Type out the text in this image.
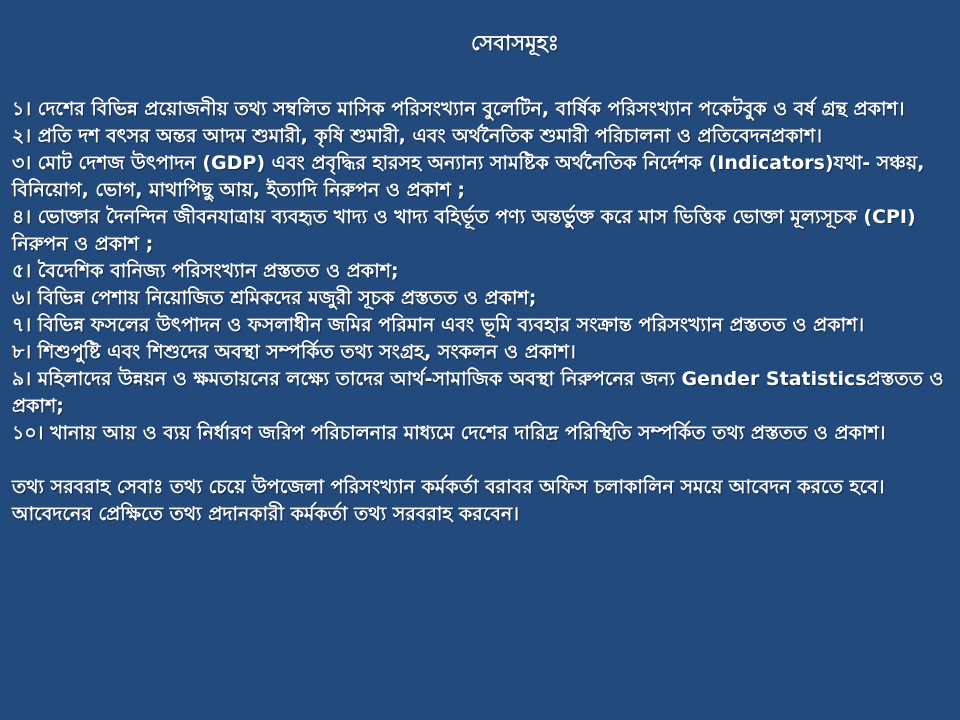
সেবাসমূহঃ

১। দেশের বিভিন্ন প্রয়োজনীয় তথ্য সম্বলিত মাসিক পরিসংখ্যান বুলেটিন, বার্ষিক পরিসংখ্যান পকেটবুক ও বর্ষ গ্রন্থ প্রকাশ।

২। প্রতি দশ বৎসর অন্তর আদম শুমারী, কৃষি শুমারী, এবং অর্থনৈতিক শুমারী পরিচালনা ও প্রতিবেদনপ্রকাশ।

৩। মোট দেশজ উৎপাদন (GDP) এবং প্রবৃদ্ধির হারসহ অন্যান্য সামষ্টিক অর্থনৈতিক নির্দেশক (Indicators)যথা- সঞ্চয়, বিনিয়োগ, ভোগ, মাথাপিছু আয়, ইত্যাদি নিরুপন ও প্রকাশ ;

৪। ভোক্তার দৈনন্দিন জীবনযাত্রায় ব্যবহৃত খাদ্য ও খাদ্য বহির্ভূত পণ্য অন্তর্ভুক্ত করে মাস ভিত্তিক ভোক্তা মূল্যসূচক (CPI) নিরুপন ও প্রকাশ ;

৫। বৈদেশিক বানিজ্য পরিসংখ্যান প্রস্ততত ও প্রকাশ;

৬। বিভিন্ন পেশায় নিয়োজিত শ্রমিকদের মজুরী সূচক প্রস্ততত ও প্রকাশ;

৭। বিভিন্ন ফসলের উৎপাদন ও ফসলাধীন জমির পরিমান এবং ভূমি ব্যবহার সংক্রান্ত পরিসংখ্যান প্রস্ততত ও প্রকাশ।

৮। শিশুপুষ্টি এবং শিশুদের অবস্থা সম্পর্কিত তথ্য সংগ্রহ, সংকলন ও প্রকাশ।

৯। মহিলাদের উন্নয়ন ও ক্ষমতায়নের লক্ষ্যে তাদের আর্থ-সামাজিক অবস্থা নিরুপনের জন্য Gender Statisticsপ্রস্ততত ও প্রকাশ;

১০। খানায় আয় ও ব্যয় নির্ধারণ জরিপ পরিচালনার মাধ্যমে দেশের দারিদ্র পরিস্থিতি সম্পর্কিত তথ্য প্রস্ততত ও প্রকাশ।

তথ্য সরবরাহ সেবাঃ তথ্য চেয়ে উপজেলা পরিসংখ্যান কর্মকর্তা বরাবর অফিস চলাকালিন সময়ে আবেদন করতে হবে।

আবেদনের প্রেক্ষিতে তথ্য প্রদানকারী কর্মকর্তা তথ্য সরবরাহ করবেন।
